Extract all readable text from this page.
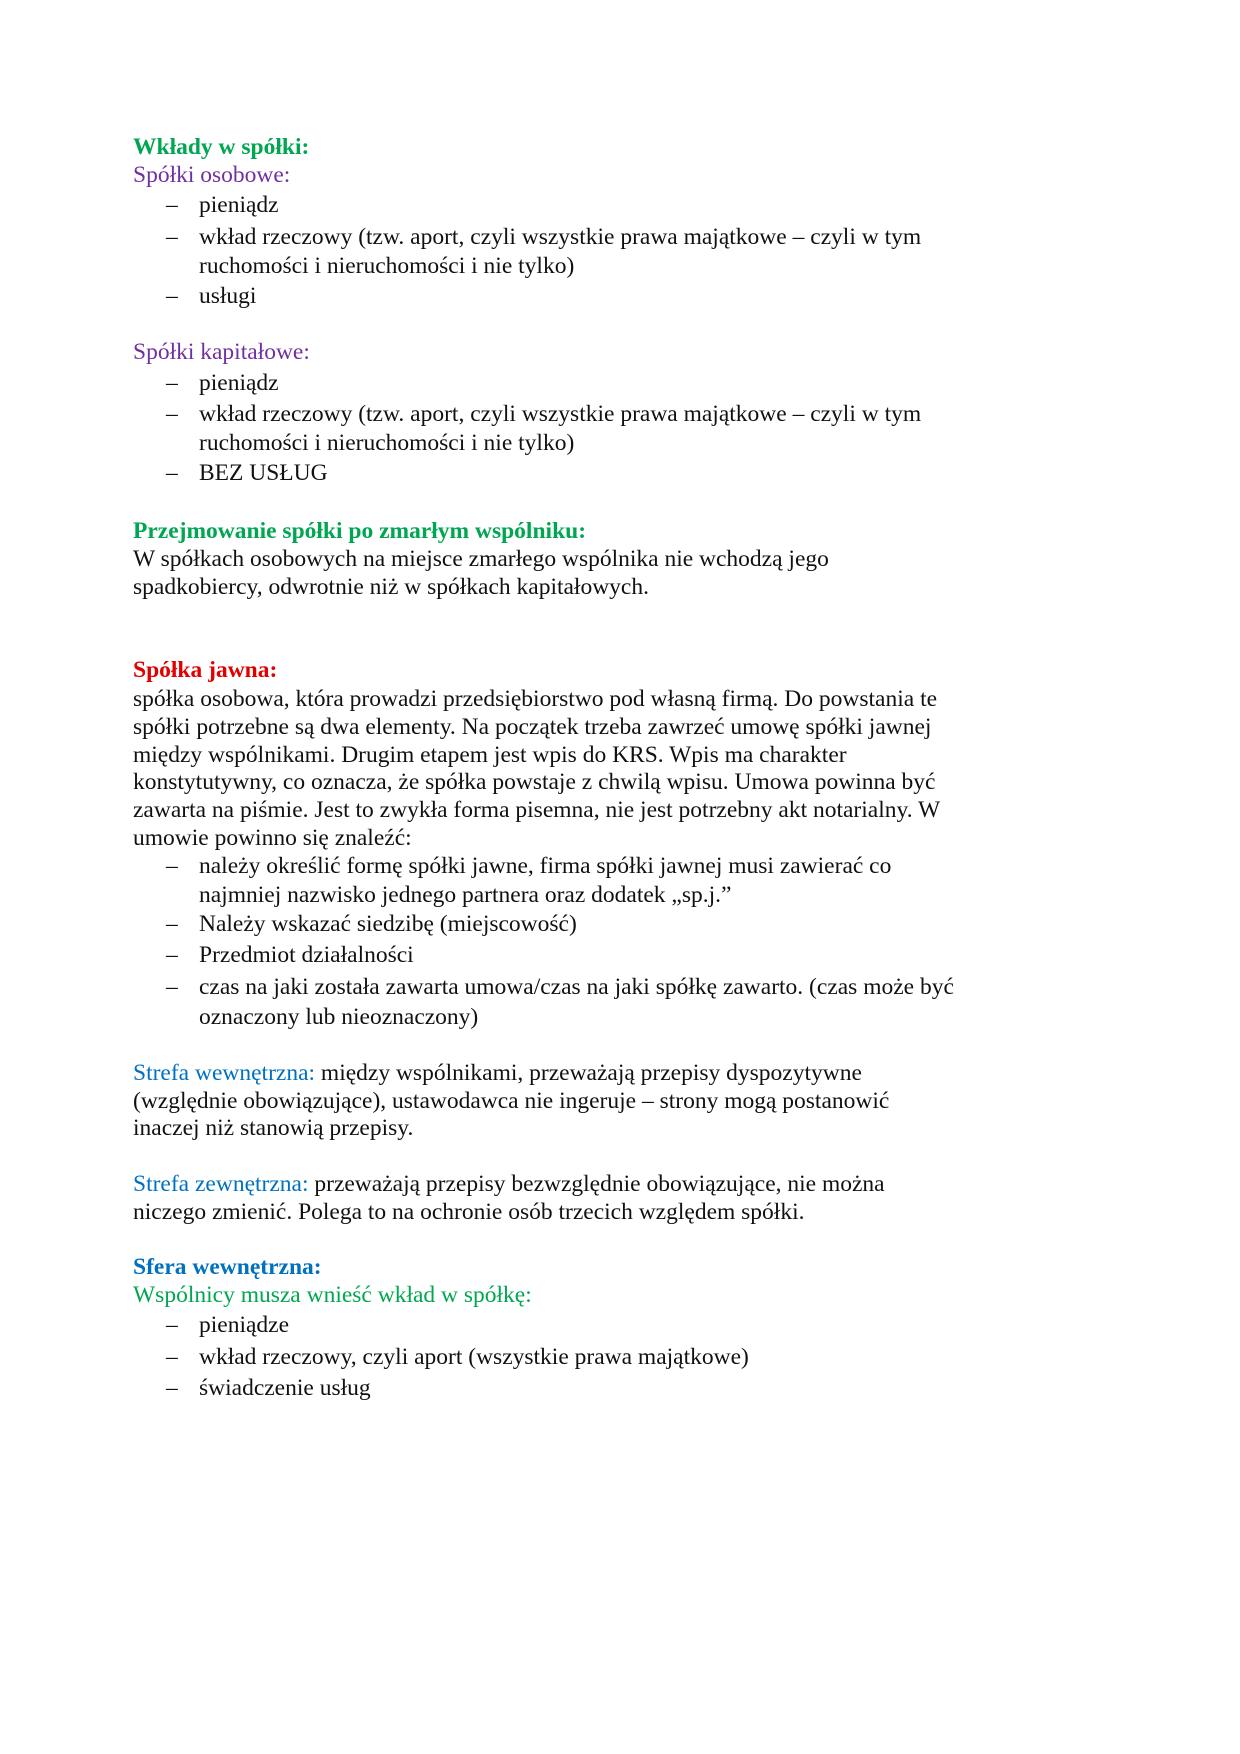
Wkłady w spółki:
Spółki osobowe:
– pieniądz
– wkład rzeczowy (tzw. aport, czyli wszystkie prawa majątkowe – czyli w tym
ruchomości i nieruchomości i nie tylko)
– usługi
Spółki kapitałowe:
– pieniądz
– wkład rzeczowy (tzw. aport, czyli wszystkie prawa majątkowe – czyli w tym
ruchomości i nieruchomości i nie tylko)
– BEZ USŁUG
Przejmowanie spółki po zmarłym wspólniku:
W spółkach osobowych na miejsce zmarłego wspólnika nie wchodzą jego
spadkobiercy, odwrotnie niż w spółkach kapitałowych.
Spółka jawna:
spółka osobowa, która prowadzi przedsiębiorstwo pod własną firmą. Do powstania te
spółki potrzebne są dwa elementy. Na początek trzeba zawrzeć umowę spółki jawnej
między wspólnikami. Drugim etapem jest wpis do KRS. Wpis ma charakter
konstytutywny, co oznacza, że spółka powstaje z chwilą wpisu. Umowa powinna być
zawarta na piśmie. Jest to zwykła forma pisemna, nie jest potrzebny akt notarialny. W
umowie powinno się znaleźć:
– należy określić formę spółki jawne, firma spółki jawnej musi zawierać co
najmniej nazwisko jednego partnera oraz dodatek „sp.j.”
– Należy wskazać siedzibę (miejscowość)
– Przedmiot działalności
– czas na jaki została zawarta umowa/czas na jaki spółkę zawarto. (czas może być
oznaczony lub nieoznaczony)
Strefa wewnętrzna: między wspólnikami, przeważają przepisy dyspozytywne
(względnie obowiązujące), ustawodawca nie ingeruje – strony mogą postanowić
inaczej niż stanowią przepisy.
Strefa zewnętrzna: przeważają przepisy bezwzględnie obowiązujące, nie można
niczego zmienić. Polega to na ochronie osób trzecich względem spółki.
Sfera wewnętrzna:
Wspólnicy musza wnieść wkład w spółkę:
– pieniądze
– wkład rzeczowy, czyli aport (wszystkie prawa majątkowe)
– świadczenie usług
